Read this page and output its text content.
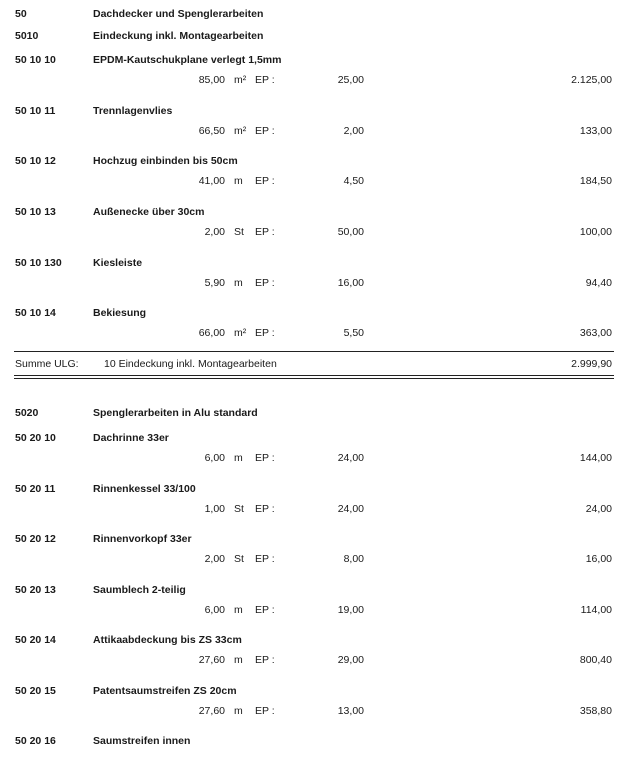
50	Dachdecker und Spenglerarbeiten
5010	Eindeckung inkl. Montagearbeiten
50 10 10	EPDM-Kautschukplane verlegt 1,5mm
85,00 m² EP :	25,00	2.125,00
50 10 11	Trennlagenvlies
66,50 m² EP :	2,00	133,00
50 10 12	Hochzug einbinden bis 50cm
41,00 m EP :	4,50	184,50
50 10 13	Außenecke über 30cm
2,00 St EP :	50,00	100,00
50 10 130	Kiesleiste
5,90 m EP :	16,00	94,40
50 10 14	Bekiesung
66,00 m² EP :	5,50	363,00
Summe ULG: 10 Eindeckung inkl. Montagearbeiten	2.999,90
5020	Spenglerarbeiten in Alu standard
50 20 10	Dachrinne 33er
6,00 m EP :	24,00	144,00
50 20 11	Rinnenkessel 33/100
1,00 St EP :	24,00	24,00
50 20 12	Rinnenvorkopf 33er
2,00 St EP :	8,00	16,00
50 20 13	Saumblech 2-teilig
6,00 m EP :	19,00	114,00
50 20 14	Attikaabdeckung bis ZS 33cm
27,60 m EP :	29,00	800,40
50 20 15	Patentsaumstreifen ZS 20cm
27,60 m EP :	13,00	358,80
50 20 16	Saumstreifen innen
